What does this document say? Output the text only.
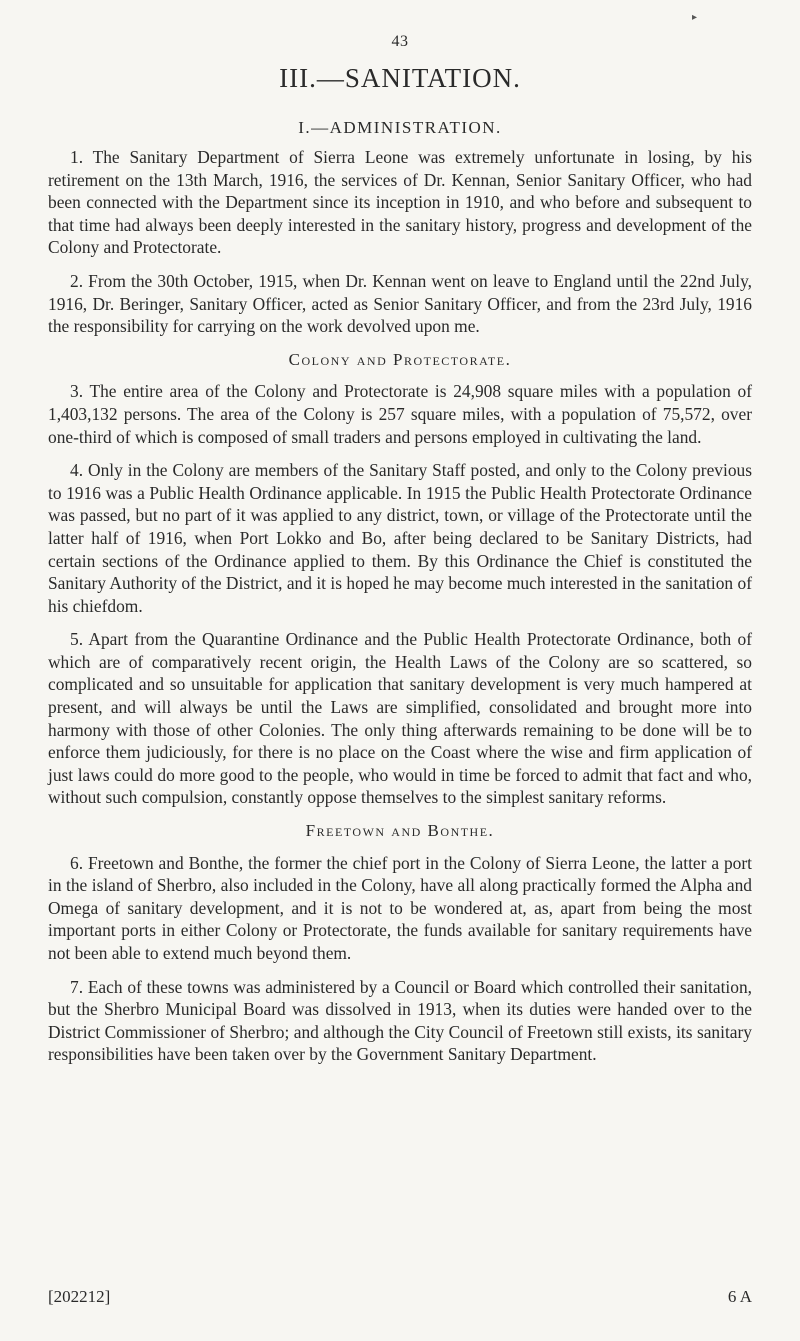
▸
43
III.—SANITATION.
I.—ADMINISTRATION.

1. The Sanitary Department of Sierra Leone was extremely unfortunate in losing, by his retirement on the 13th March, 1916, the services of Dr. Kennan, Senior Sanitary Officer, who had been connected with the Department since its inception in 1910, and who before and subsequent to that time had always been deeply interested in the sanitary history, progress and development of the Colony and Protectorate.

2. From the 30th October, 1915, when Dr. Kennan went on leave to England until the 22nd July, 1916, Dr. Beringer, Sanitary Officer, acted as Senior Sanitary Officer, and from the 23rd July, 1916 the responsibility for carrying on the work devolved upon me.

Colony and Protectorate.

3. The entire area of the Colony and Protectorate is 24,908 square miles with a population of 1,403,132 persons. The area of the Colony is 257 square miles, with a population of 75,572, over one-third of which is composed of small traders and persons employed in cultivating the land.

4. Only in the Colony are members of the Sanitary Staff posted, and only to the Colony previous to 1916 was a Public Health Ordinance applicable. In 1915 the Public Health Protectorate Ordinance was passed, but no part of it was applied to any district, town, or village of the Protectorate until the latter half of 1916, when Port Lokko and Bo, after being declared to be Sanitary Districts, had certain sections of the Ordinance applied to them. By this Ordinance the Chief is constituted the Sanitary Authority of the District, and it is hoped he may become much interested in the sanitation of his chiefdom.

5. Apart from the Quarantine Ordinance and the Public Health Protectorate Ordinance, both of which are of comparatively recent origin, the Health Laws of the Colony are so scattered, so complicated and so unsuitable for application that sanitary development is very much hampered at present, and will always be until the Laws are simplified, consolidated and brought more into harmony with those of other Colonies. The only thing afterwards remaining to be done will be to enforce them judiciously, for there is no place on the Coast where the wise and firm application of just laws could do more good to the people, who would in time be forced to admit that fact and who, without such compulsion, constantly oppose themselves to the simplest sanitary reforms.

Freetown and Bonthe.

6. Freetown and Bonthe, the former the chief port in the Colony of Sierra Leone, the latter a port in the island of Sherbro, also included in the Colony, have all along practically formed the Alpha and Omega of sanitary development, and it is not to be wondered at, as, apart from being the most important ports in either Colony or Protectorate, the funds available for sanitary requirements have not been able to extend much beyond them.

7. Each of these towns was administered by a Council or Board which controlled their sanitation, but the Sherbro Municipal Board was dissolved in 1913, when its duties were handed over to the District Commissioner of Sherbro; and although the City Council of Freetown still exists, its sanitary responsibilities have been taken over by the Government Sanitary Department.

[202212]	6 A
